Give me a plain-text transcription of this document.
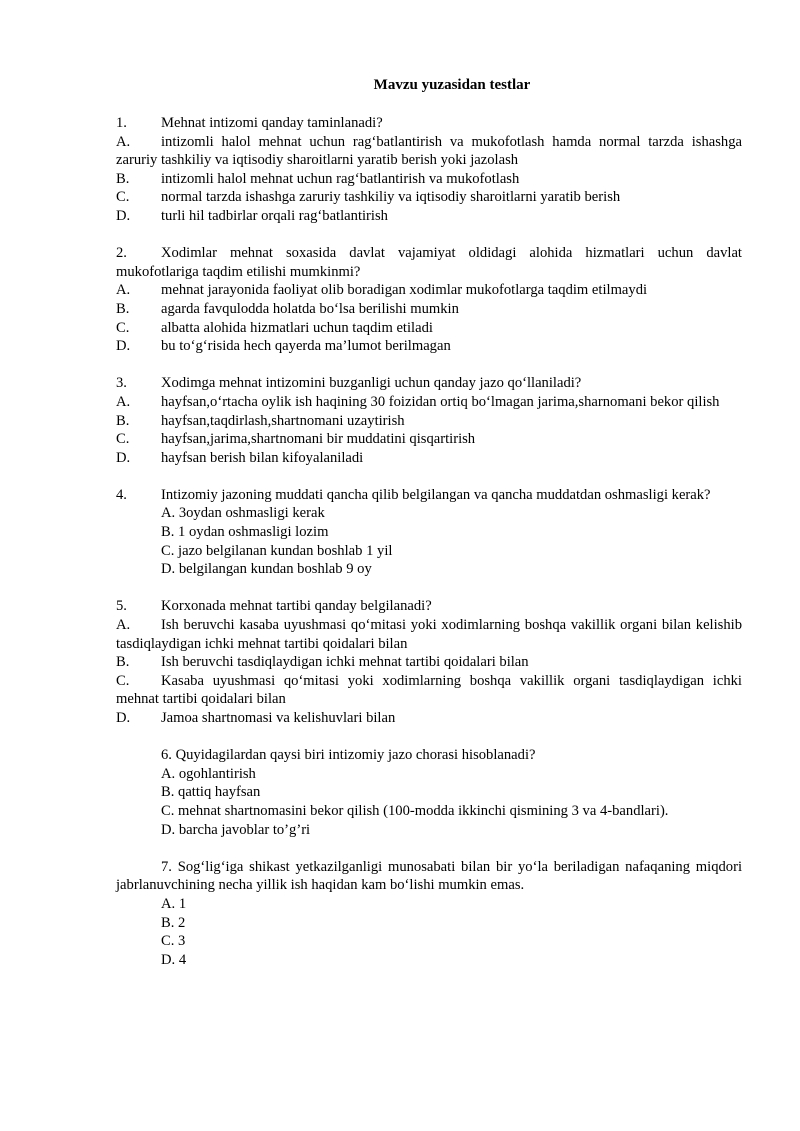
Mavzu yuzasidan testlar
1. Mehnat intizomi qanday taminlanadi?
A. intizomli halol mehnat uchun rag‘batlantirish va mukofotlash hamda normal tarzda ishashga zaruriy tashkiliy va iqtisodiy sharoitlarni yaratib berish yoki jazolash
B. intizomli halol mehnat uchun rag‘batlantirish va mukofotlash
C. normal tarzda ishashga zaruriy tashkiliy va iqtisodiy sharoitlarni yaratib berish
D. turli hil tadbirlar orqali rag‘batlantirish
2. Xodimlar mehnat soxasida davlat vajamiyat oldidagi alohida hizmatlari uchun davlat mukofotlariga taqdim etilishi mumkinmi?
A. mehnat jarayonida faoliyat olib boradigan xodimlar mukofotlarga taqdim etilmaydi
B. agarda favqulodda holatda bo‘lsa berilishi mumkin
C. albatta alohida hizmatlari uchun taqdim etiladi
D. bu to‘g‘risida hech qayerda ma’lumot berilmagan
3. Xodimga mehnat intizomini buzganligi uchun qanday jazo qo‘llaniladi?
A. hayfsan,o‘rtacha oylik ish haqining 30 foizidan ortiq bo‘lmagan jarima,sharnomani bekor qilish
B. hayfsan,taqdirlash,shartnomani uzaytirish
C. hayfsan,jarima,shartnomani bir muddatini qisqartirish
D. hayfsan berish bilan kifoyalaniladi
4. Intizomiy jazoning muddati qancha qilib belgilangan va qancha muddatdan oshmasligi kerak?
A. 3oydan oshmasligi kerak
B. 1 oydan oshmasligi lozim
C. jazo belgilanan kundan boshlab 1 yil
D. belgilangan kundan boshlab 9 oy
5. Korxonada mehnat tartibi qanday belgilanadi?
A. Ish beruvchi kasaba uyushmasi qo‘mitasi yoki xodimlarning boshqa vakillik organi bilan kelishib tasdiqlaydigan ichki mehnat tartibi qoidalari bilan
B. Ish beruvchi tasdiqlaydigan ichki mehnat tartibi qoidalari bilan
C. Kasaba uyushmasi qo‘mitasi yoki xodimlarning boshqa vakillik organi tasdiqlaydigan ichki mehnat tartibi qoidalari bilan
D. Jamoa shartnomasi va kelishuvlari bilan
6. Quyidagilardan qaysi biri intizomiy jazo chorasi hisoblanadi?
A. ogohlantirish
B. qattiq hayfsan
C. mehnat shartnomasini bekor qilish (100-modda ikkinchi qismining 3 va 4-bandlari).
D. barcha javoblar to’g’ri
7. Sog‘lig‘iga shikast yetkazilganligi munosabati bilan bir yo‘la beriladigan nafaqaning miqdori jabrlanuvchining necha yillik ish haqidan kam bo‘lishi mumkin emas.
A. 1
B. 2
C. 3
D. 4
